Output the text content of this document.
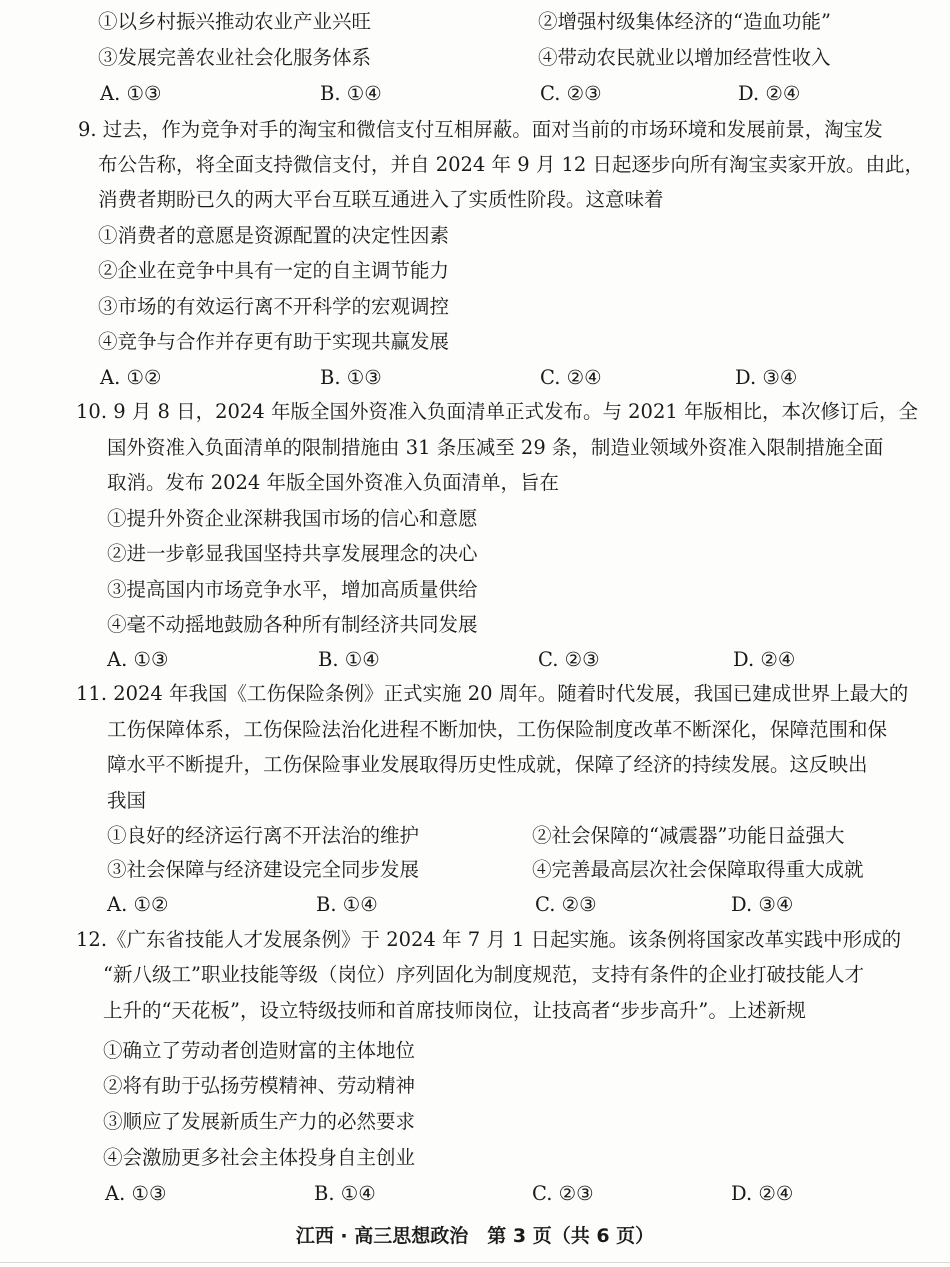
①以乡村振兴推动农业产业兴旺	②增强村级集体经济的“造血功能”
③发展完善农业社会化服务体系	④带动农民就业以增加经营性收入
A. ①③	B. ①④	C. ②③	D. ②④
9. 过去，作为竞争对手的淘宝和微信支付互相屏蔽。面对当前的市场环境和发展前景，淘宝发
布公告称，将全面支持微信支付，并自 2024 年 9 月 12 日起逐步向所有淘宝卖家开放。由此，
消费者期盼已久的两大平台互联互通进入了实质性阶段。这意味着
①消费者的意愿是资源配置的决定性因素
②企业在竞争中具有一定的自主调节能力
③市场的有效运行离不开科学的宏观调控
④竞争与合作并存更有助于实现共赢发展
A. ①②	B. ①③	C. ②④	D. ③④
10. 9 月 8 日，2024 年版全国外资准入负面清单正式发布。与 2021 年版相比，本次修订后，全
国外资准入负面清单的限制措施由 31 条压减至 29 条，制造业领域外资准入限制措施全面
取消。发布 2024 年版全国外资准入负面清单，旨在
①提升外资企业深耕我国市场的信心和意愿
②进一步彰显我国坚持共享发展理念的决心
③提高国内市场竞争水平，增加高质量供给
④毫不动摇地鼓励各种所有制经济共同发展
A. ①③	B. ①④	C. ②③	D. ②④
11. 2024 年我国《工伤保险条例》正式实施 20 周年。随着时代发展，我国已建成世界上最大的
工伤保障体系，工伤保险法治化进程不断加快，工伤保险制度改革不断深化，保障范围和保
障水平不断提升，工伤保险事业发展取得历史性成就，保障了经济的持续发展。这反映出
我国
①良好的经济运行离不开法治的维护	②社会保障的“减震器”功能日益强大
③社会保障与经济建设完全同步发展	④完善最高层次社会保障取得重大成就
A. ①②	B. ①④	C. ②③	D. ③④
12.《广东省技能人才发展条例》于 2024 年 7 月 1 日起实施。该条例将国家改革实践中形成的
“新八级工”职业技能等级（岗位）序列固化为制度规范，支持有条件的企业打破技能人才
上升的“天花板”，设立特级技师和首席技师岗位，让技高者“步步高升”。上述新规
①确立了劳动者创造财富的主体地位
②将有助于弘扬劳模精神、劳动精神
③顺应了发展新质生产力的必然要求
④会激励更多社会主体投身自主创业
A. ①③	B. ①④	C. ②③	D. ②④
江西 · 高三思想政治　第 3 页（共 6 页）
